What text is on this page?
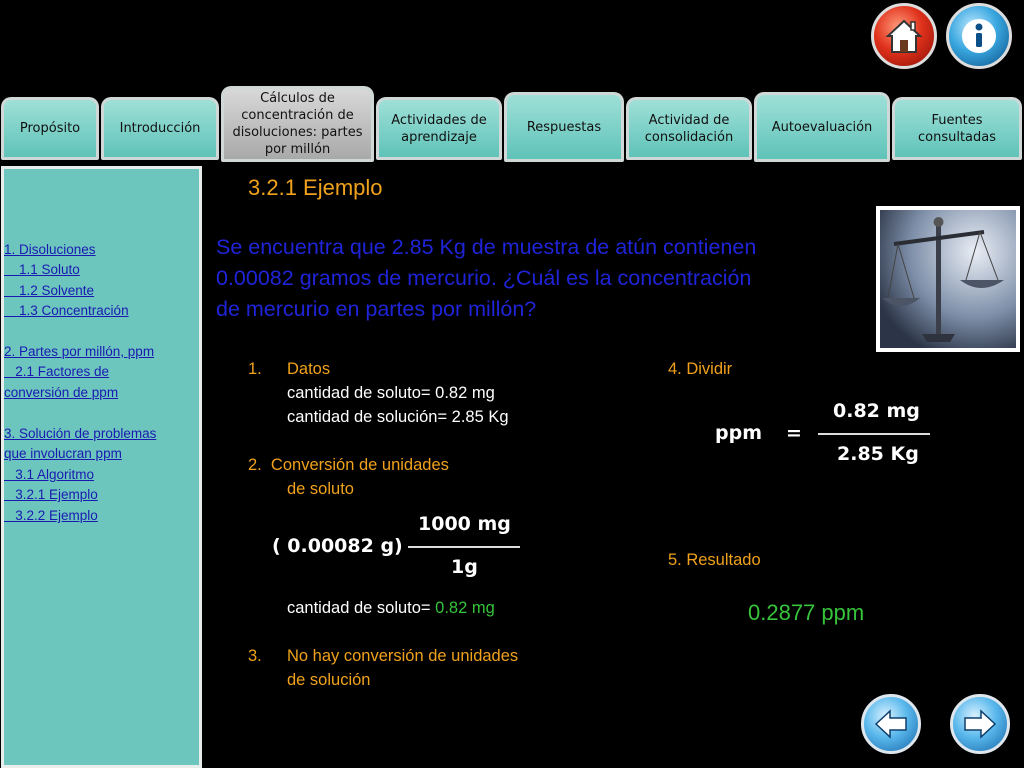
Propósito	Introducción
Cálculos de concentración de disoluciones: partes por millón
Actividades de aprendizaje
Respuestas	Actividad de consolidación
Autoevaluación	Fuentes consultadas
1. Disoluciones
1.1 Soluto
1.2 Solvente
1.3 Concentración
2. Partes por millón, ppm
2.1 Factores de
conversión de ppm
3. Solución de problemas
que involucran ppm
3.1 Algoritmo
3.2.1 Ejemplo
3.2.2 Ejemplo
3.2.1 Ejemplo
Se encuentra que 2.85 Kg de muestra de atún contienen
0.00082 gramos de mercurio. ¿Cuál es la concentración
de mercurio en partes por millón?
1. Datos
cantidad de soluto= 0.82 mg
cantidad de solución= 2.85 Kg
2.  Conversión de unidades
de soluto
( 0.00082 g)
1000 mg
1g
cantidad de soluto= 0.82 mg
3. No hay conversión de unidades
de solución
4. Dividir
ppm =
0.82 mg
2.85 Kg
5. Resultado
0.2877 ppm
